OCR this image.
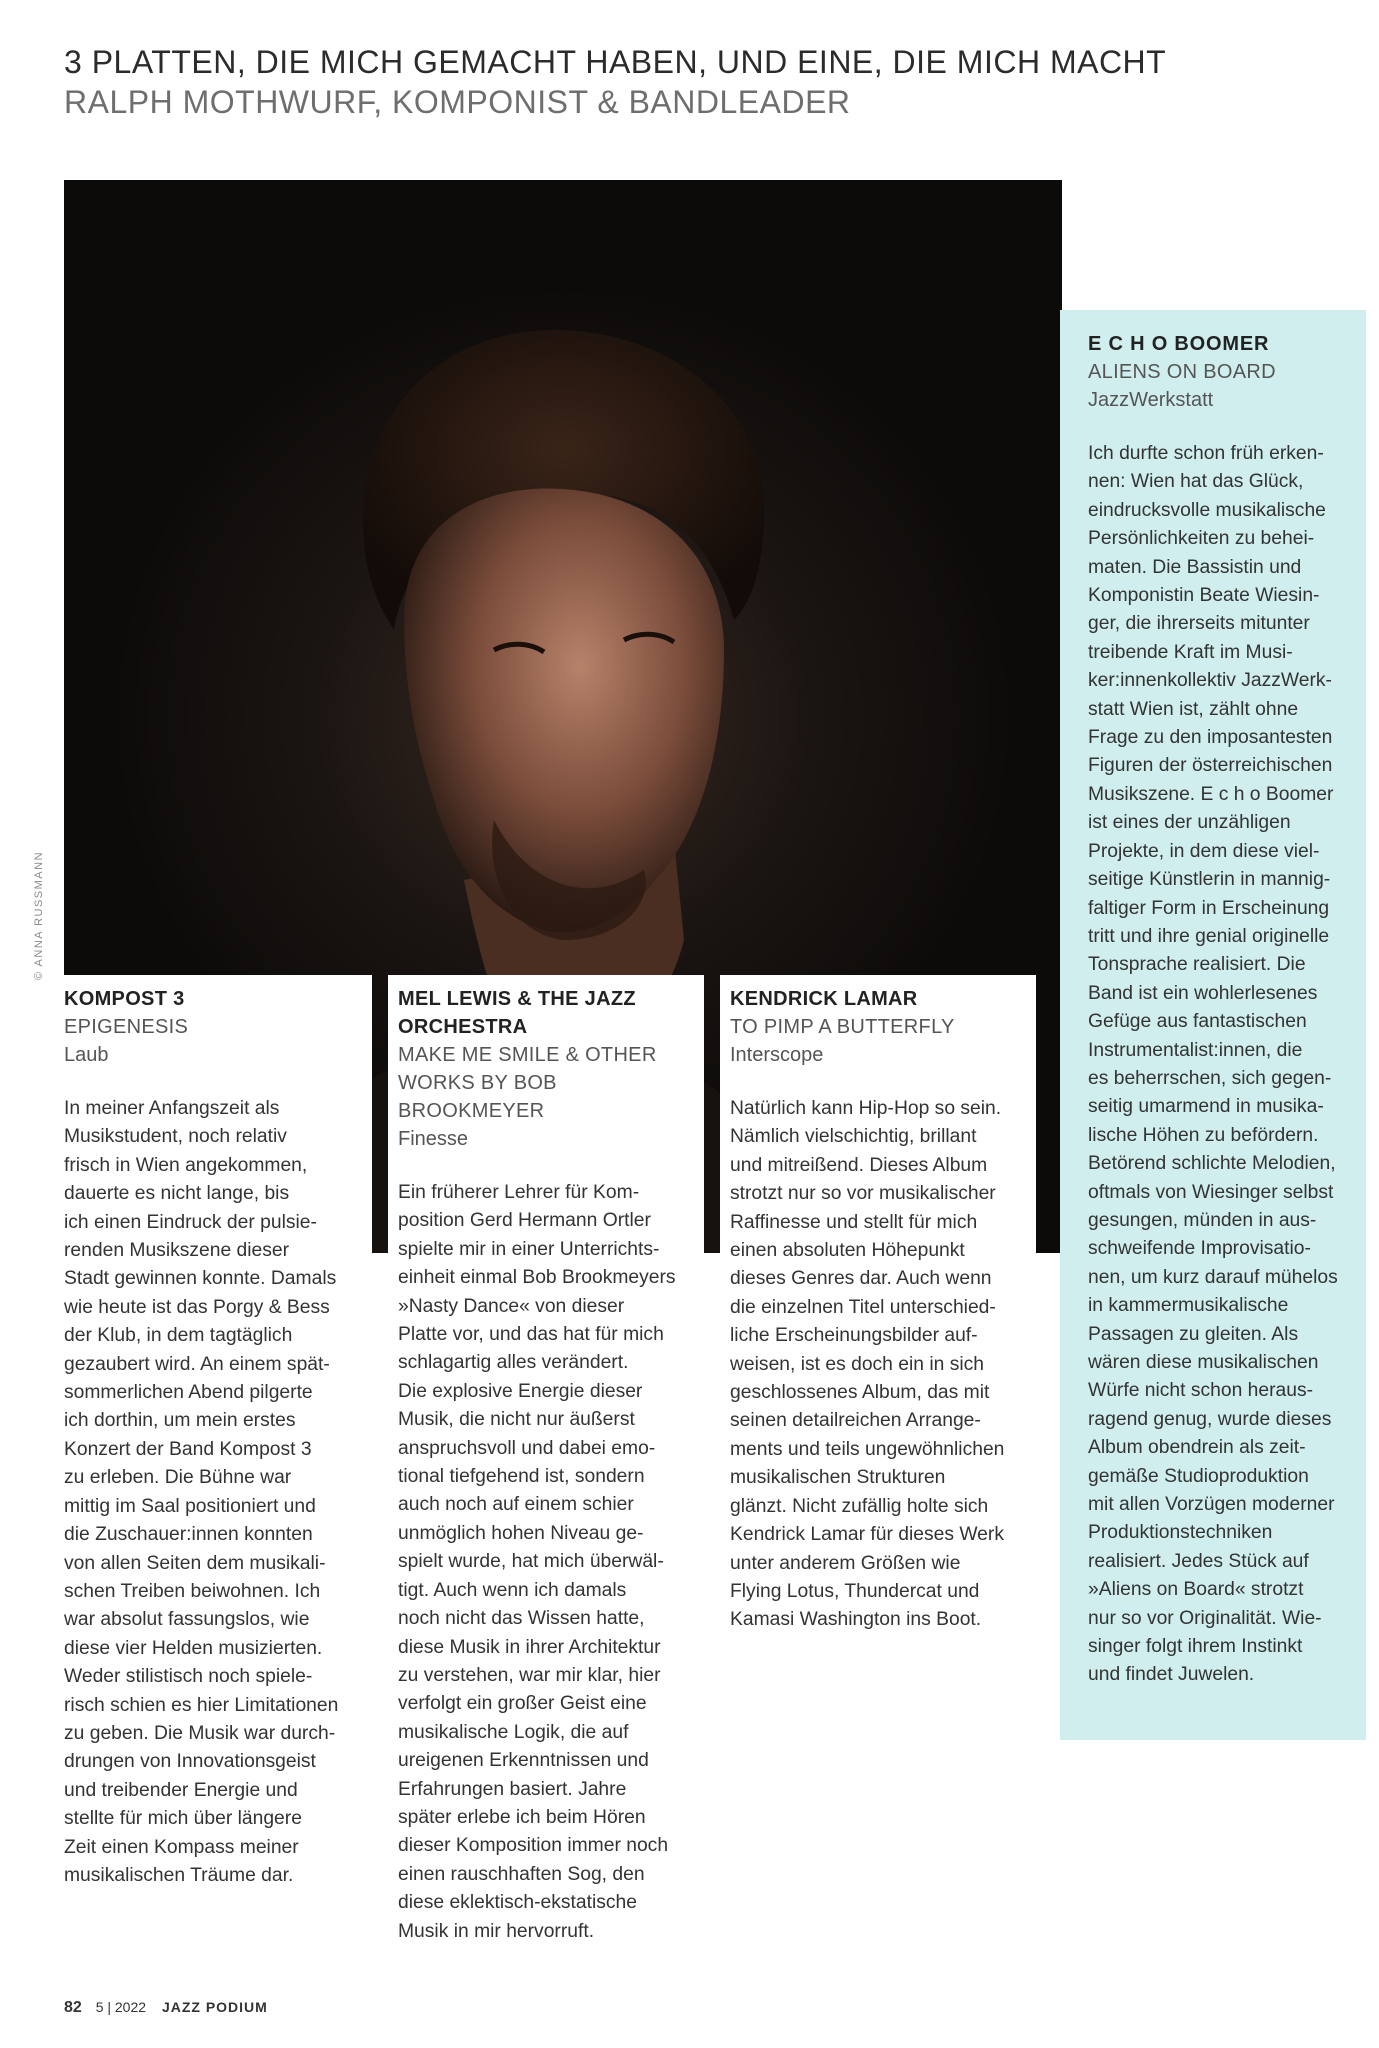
3 PLATTEN, DIE MICH GEMACHT HABEN, UND EINE, DIE MICH MACHT
RALPH MOTHWURF, KOMPONIST & BANDLEADER
© ANNA RUSSMANN
KOMPOST 3
EPIGENESIS
Laub

In meiner Anfangszeit als

Musikstudent, noch relativ

frisch in Wien angekommen,

dauerte es nicht lange, bis

ich einen Eindruck der pulsie-

renden Musikszene dieser

Stadt gewinnen konnte. Damals

wie heute ist das Porgy & Bess

der Klub, in dem tagtäglich

gezaubert wird. An einem spät-

sommerlichen Abend pilgerte

ich dorthin, um mein erstes

Konzert der Band Kompost 3

zu erleben. Die Bühne war

mittig im Saal positioniert und

die Zuschauer:innen konnten

von allen Seiten dem musikali-

schen Treiben beiwohnen. Ich

war absolut fassungslos, wie

diese vier Helden musizierten.

Weder stilistisch noch spiele-

risch schien es hier Limitationen

zu geben. Die Musik war durch-

drungen von Innovationsgeist

und treibender Energie und

stellte für mich über längere

Zeit einen Kompass meiner

musikalischen Träume dar.

MEL LEWIS & THE JAZZ ORCHESTRA
MAKE ME SMILE & OTHER WORKS BY BOB BROOKMEYER
Finesse

Ein früherer Lehrer für Kom-

position Gerd Hermann Ortler

spielte mir in einer Unterrichts-

einheit einmal Bob Brookmeyers

»Nasty Dance« von dieser

Platte vor, und das hat für mich

schlagartig alles verändert.

Die explosive Energie dieser

Musik, die nicht nur äußerst

anspruchsvoll und dabei emo-

tional tiefgehend ist, sondern

auch noch auf einem schier

unmöglich hohen Niveau ge-

spielt wurde, hat mich überwäl-

tigt. Auch wenn ich damals

noch nicht das Wissen hatte,

diese Musik in ihrer Architektur

zu verstehen, war mir klar, hier

verfolgt ein großer Geist eine

musikalische Logik, die auf

ureigenen Erkenntnissen und

Erfahrungen basiert. Jahre

später erlebe ich beim Hören

dieser Komposition immer noch

einen rauschhaften Sog, den

diese eklektisch-ekstatische

Musik in mir hervorruft.

KENDRICK LAMAR
TO PIMP A BUTTERFLY
Interscope

Natürlich kann Hip-Hop so sein.

Nämlich vielschichtig, brillant

und mitreißend. Dieses Album

strotzt nur so vor musikalischer

Raffinesse und stellt für mich

einen absoluten Höhepunkt

dieses Genres dar. Auch wenn

die einzelnen Titel unterschied-

liche Erscheinungsbilder auf-

weisen, ist es doch ein in sich

geschlossenes Album, das mit

seinen detailreichen Arrange-

ments und teils ungewöhnlichen

musikalischen Strukturen

glänzt. Nicht zufällig holte sich

Kendrick Lamar für dieses Werk

unter anderem Größen wie

Flying Lotus, Thundercat und

Kamasi Washington ins Boot.

E C H O BOOMER
ALIENS ON BOARD
JazzWerkstatt

Ich durfte schon früh erken-

nen: Wien hat das Glück,

eindrucksvolle musikalische

Persönlichkeiten zu behei-

maten. Die Bassistin und

Komponistin Beate Wiesin-

ger, die ihrerseits mitunter

treibende Kraft im Musi-

ker:innenkollektiv JazzWerk-

statt Wien ist, zählt ohne

Frage zu den imposantesten

Figuren der österreichischen

Musikszene. E c h o Boomer

ist eines der unzähligen

Projekte, in dem diese viel-

seitige Künstlerin in mannig-

faltiger Form in Erscheinung

tritt und ihre genial originelle

Tonsprache realisiert. Die

Band ist ein wohlerlesenes

Gefüge aus fantastischen

Instrumentalist:innen, die

es beherrschen, sich gegen-

seitig umarmend in musika-

lische Höhen zu befördern.

Betörend schlichte Melodien,

oftmals von Wiesinger selbst

gesungen, münden in aus-

schweifende Improvisatio-

nen, um kurz darauf mühelos

in kammermusikalische

Passagen zu gleiten. Als

wären diese musikalischen

Würfe nicht schon heraus-

ragend genug, wurde dieses

Album obendrein als zeit-

gemäße Studioproduktion

mit allen Vorzügen moderner

Produktionstechniken

realisiert. Jedes Stück auf

»Aliens on Board« strotzt

nur so vor Originalität. Wie-

singer folgt ihrem Instinkt

und findet Juwelen.

82 5 | 2022 JAZZ PODIUM
